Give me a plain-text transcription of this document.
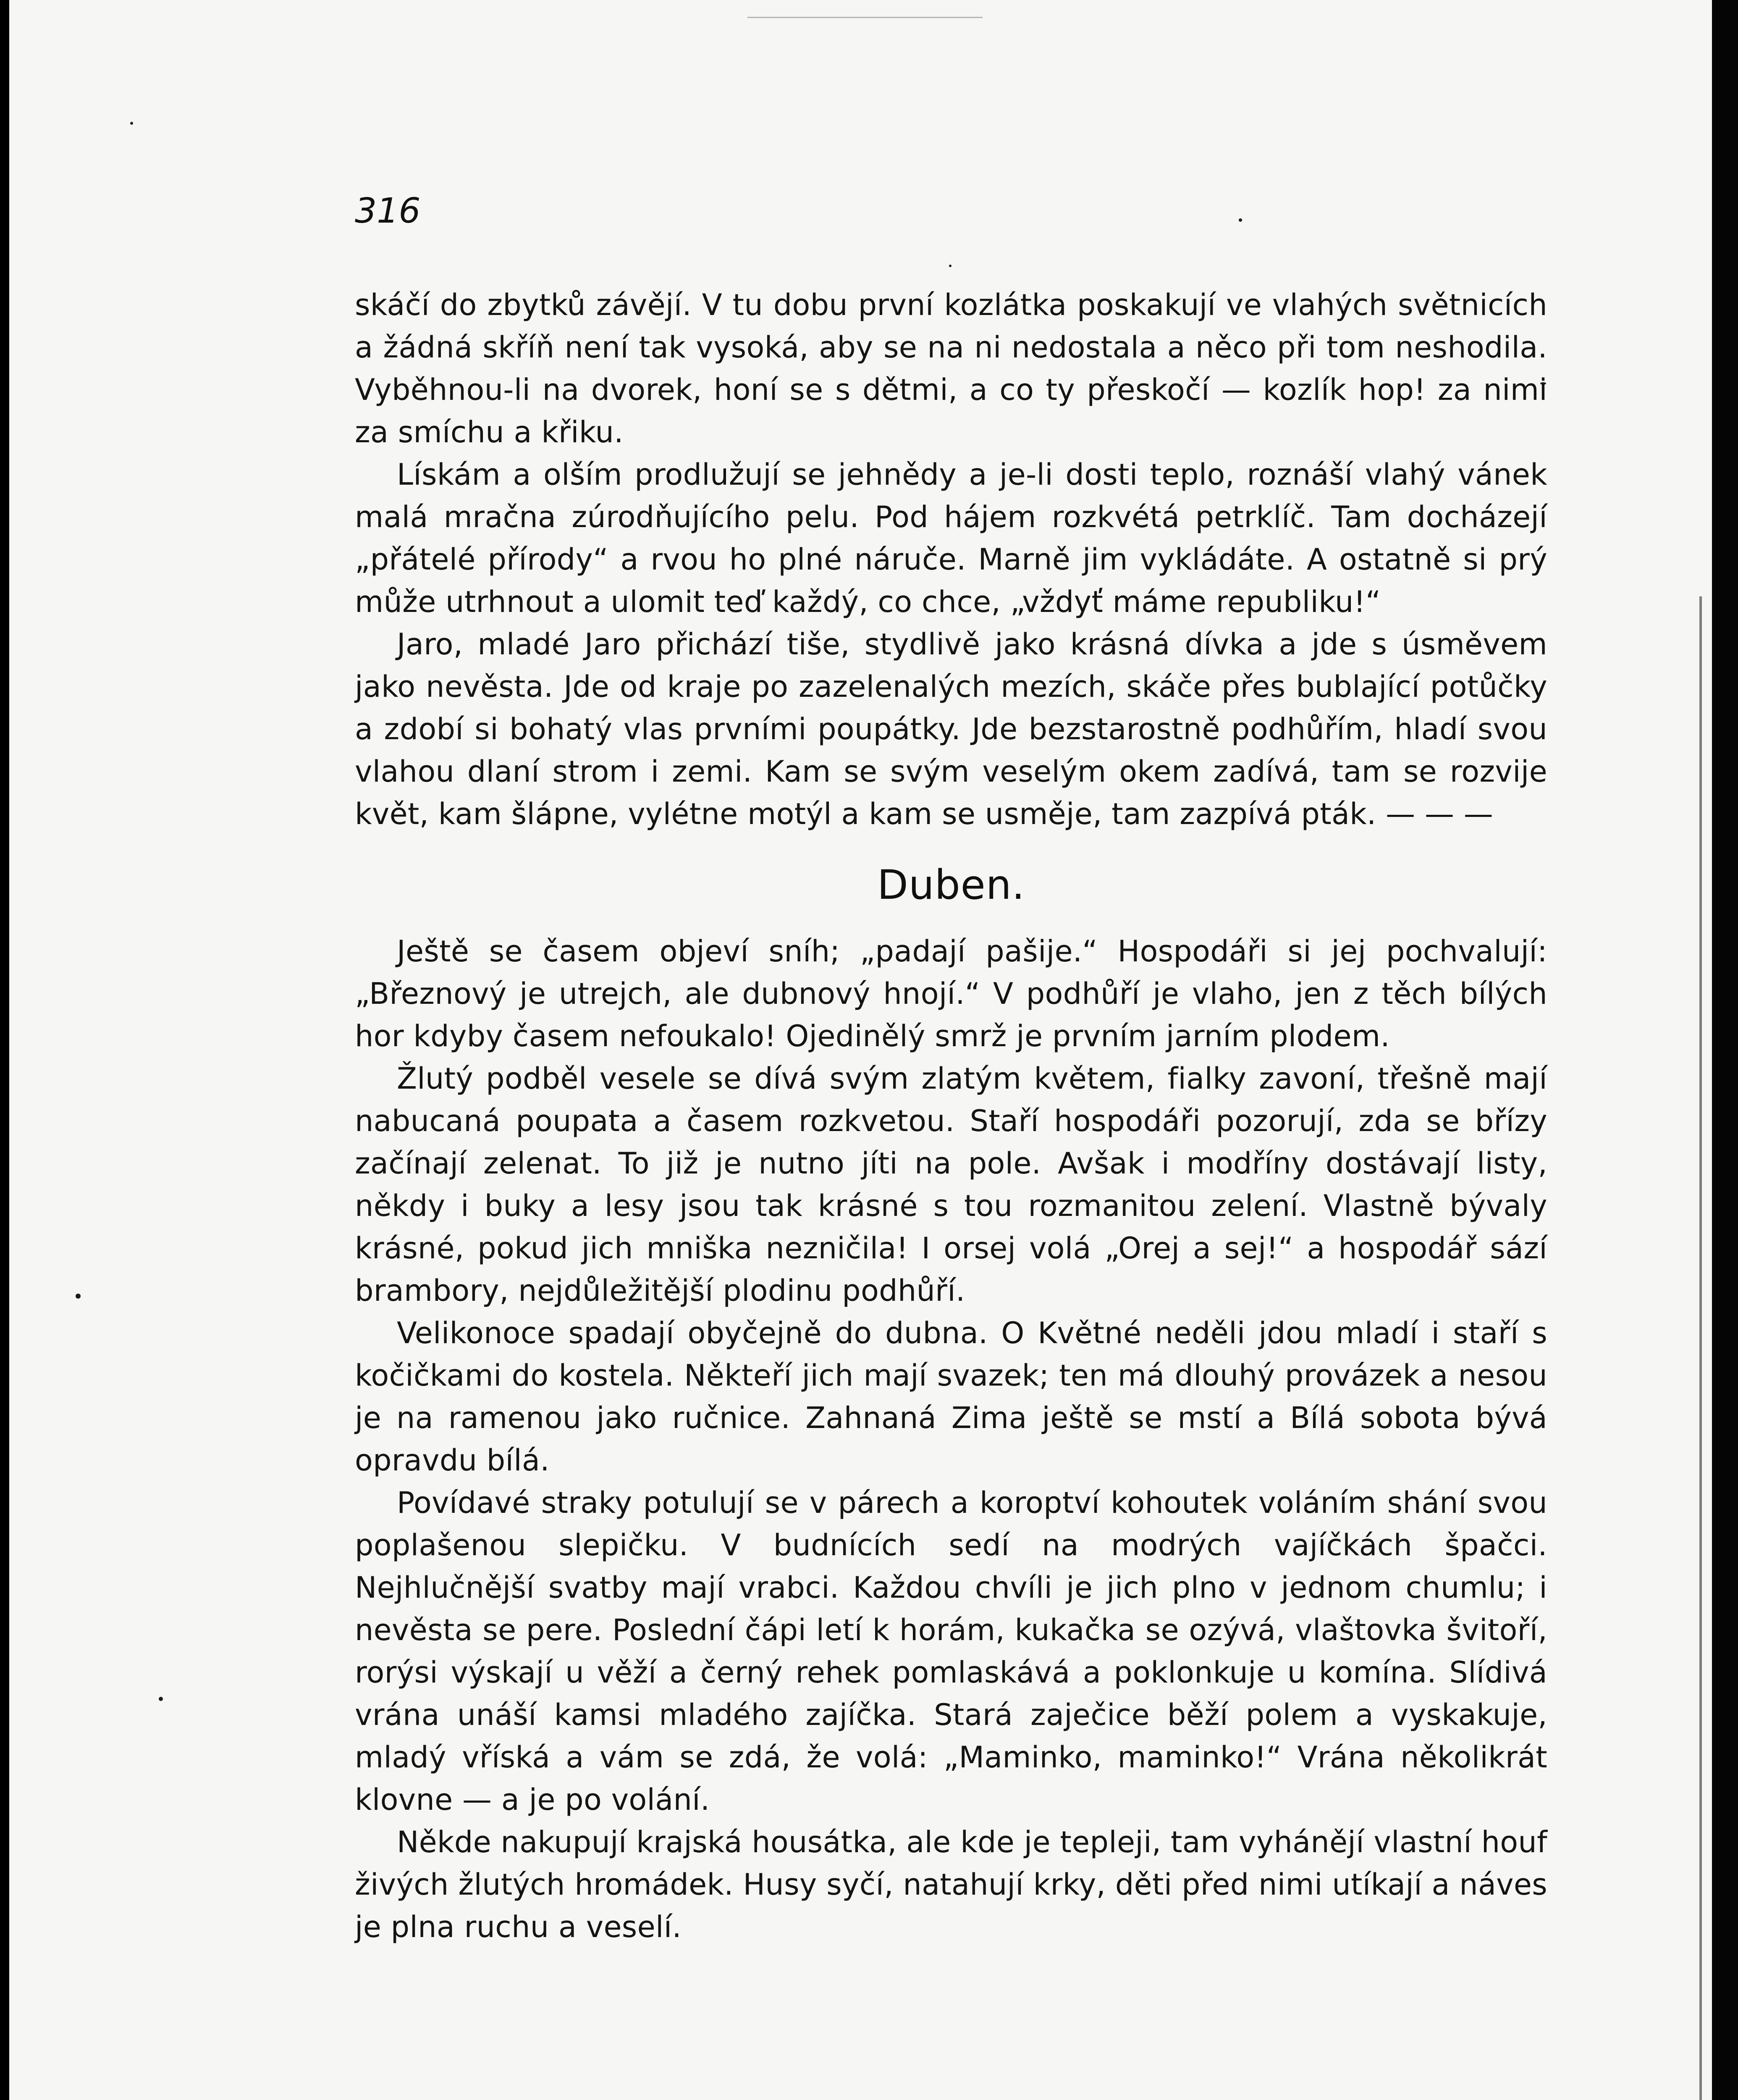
316

skáčí do zbytků závějí. V tu dobu první kozlátka poskakují ve vlahých světnicích a žádná skříň není tak vysoká, aby se na ni nedostala a něco při tom neshodila. Vyběhnou-li na dvorek, honí se s dětmi, a co ty přeskočí — kozlík hop! za nimi za smíchu a křiku.

Lískám a olším prodlužují se jehnědy a je-li dosti teplo, roznáší vlahý vánek malá mračna zúrodňujícího pelu. Pod hájem rozkvétá petrklíč. Tam docházejí „přátelé přírody“ a rvou ho plné náruče. Marně jim vykládáte. A ostatně si prý může utrhnout a ulomit teď každý, co chce, „vždyť máme republiku!“

Jaro, mladé Jaro přichází tiše, stydlivě jako krásná dívka a jde s úsměvem jako nevěsta. Jde od kraje po zazelenalých mezích, skáče přes bublající potůčky a zdobí si bohatý vlas prvními poupátky. Jde bezstarostně podhůřím, hladí svou vlahou dlaní strom i zemi. Kam se svým veselým okem zadívá, tam se rozvije květ, kam šlápne, vylétne motýl a kam se usměje, tam zazpívá pták. — — —

Duben.

Ještě se časem objeví sníh; „padají pašije.“ Hospodáři si jej pochvalují: „Březnový je utrejch, ale dubnový hnojí.“ V podhůří je vlaho, jen z těch bílých hor kdyby časem nefoukalo! Ojedinělý smrž je prvním jarním plodem.

Žlutý podběl vesele se dívá svým zlatým květem, fialky zavoní, třešně mají nabucaná poupata a časem rozkvetou. Staří hospodáři pozorují, zda se břízy začínají zelenat. To již je nutno jíti na pole. Avšak i modříny dostávají listy, někdy i buky a lesy jsou tak krásné s tou rozmanitou zelení. Vlastně bývaly krásné, pokud jich mniška nezničila! I orsej volá „Orej a sej!“ a hospodář sází brambory, nejdůležitější plodinu podhůří.

Velikonoce spadají obyčejně do dubna. O Květné neděli jdou mladí i staří s kočičkami do kostela. Někteří jich mají svazek; ten má dlouhý provázek a nesou je na ramenou jako ručnice. Zahnaná Zima ještě se mstí a Bílá sobota bývá opravdu bílá.

Povídavé straky potulují se v párech a koroptví kohoutek voláním shání svou poplašenou slepičku. V budnících sedí na modrých vajíčkách špačci. Nejhlučnější svatby mají vrabci. Každou chvíli je jich plno v jednom chumlu; i nevěsta se pere. Poslední čápi letí k horám, kukačka se ozývá, vlaštovka švitoří, rorýsi výskají u věží a černý rehek pomlaskává a poklonkuje u komína. Slídivá vrána unáší kamsi mladého zajíčka. Stará zaječice běží polem a vyskakuje, mladý vříská a vám se zdá, že volá: „Maminko, maminko!“ Vrána několikrát klovne — a je po volání.

Někde nakupují krajská housátka, ale kde je tepleji, tam vyhánějí vlastní houf živých žlutých hromádek. Husy syčí, natahují krky, děti před nimi utíkají a náves je plna ruchu a veselí.
